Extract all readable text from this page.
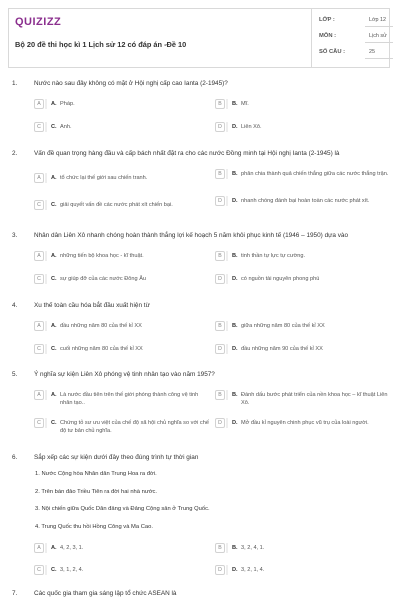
QUIZIZZ
Bộ 20 đề thi học kì 1 Lịch sử 12 có đáp án -Đề 10
LỚP :	Lớp 12
MÔN :	Lịch sử
SỐ CÂU :	25
1.	Nước nào sau đây không có mặt ở Hội nghị cấp cao Ianta (2-1945)?
A	A. Pháp.	B	B. Mĩ.
C	C. Anh.	D	D. Liên Xô.
2.	Vấn đề quan trọng hàng đầu và cấp bách nhất đặt ra cho các nước Đồng minh tại Hội nghị Ianta (2-1945) là
A	A. tổ chức lại thế giới sau chiến tranh.
B	B. phân chia thành quả chiến thắng giữa các nước thắng trận.
C	C. giải quyết vấn đề các nước phát xít chiến bại.
D	D. nhanh chóng đánh bại hoàn toàn các nước phát xít.
3.	Nhân dân Liên Xô nhanh chóng hoàn thành thắng lợi kế hoạch 5 năm khôi phục kinh tế (1946 – 1950) dựa vào
A	A. những tiến bộ khoa học - kĩ thuật.	B	B. tinh thần tự lực tự cường.
C	C. sự giúp đỡ của các nước Đông Âu	D	D. có nguồn tài nguyên phong phú
4.	Xu thế toàn cầu hóa bắt đầu xuất hiện từ
A	A. đầu những năm 80 của thế kỉ XX	B	B. giữa những năm 80 của thế kỉ XX
C	C. cuối những năm 80 của thế kỉ XX	D	D. đầu những năm 90 của thế kỉ XX
5.	Ý nghĩa sự kiện Liên Xô phóng vệ tinh nhân tạo vào năm 1957?
A	A. Là nước đầu tiên trên thế giới phóng thành công vệ tinh nhân tạo..
B	B. Đánh dấu bước phát triển của nền khoa học – kĩ thuật Liên Xô.
C	C. Chứng tỏ sư ưu việt của chế độ xã hội chủ nghĩa so với chế độ tư bản chủ nghĩa.
D	D. Mở đầu kỉ nguyên chinh phục vũ trụ của loài người.
6.	Sắp xếp các sự kiện dưới đây theo đúng trình tự thời gian
1. Nước Cộng hòa Nhân dân Trung Hoa ra đời.
2. Trên bán đảo Triều Tiên ra đời hai nhà nước.
3. Nội chiến giữa Quốc Dân đảng và Đảng Cộng sản ở Trung Quốc.
4. Trung Quốc thu hồi Hồng Công và Ma Cao.
A	A. 4, 2, 3, 1.	B	B. 3, 2, 4, 1.
C	C. 3, 1, 2, 4.	D	D. 3, 2, 1, 4.
7.	Các quốc gia tham gia sáng lập tổ chức ASEAN là
